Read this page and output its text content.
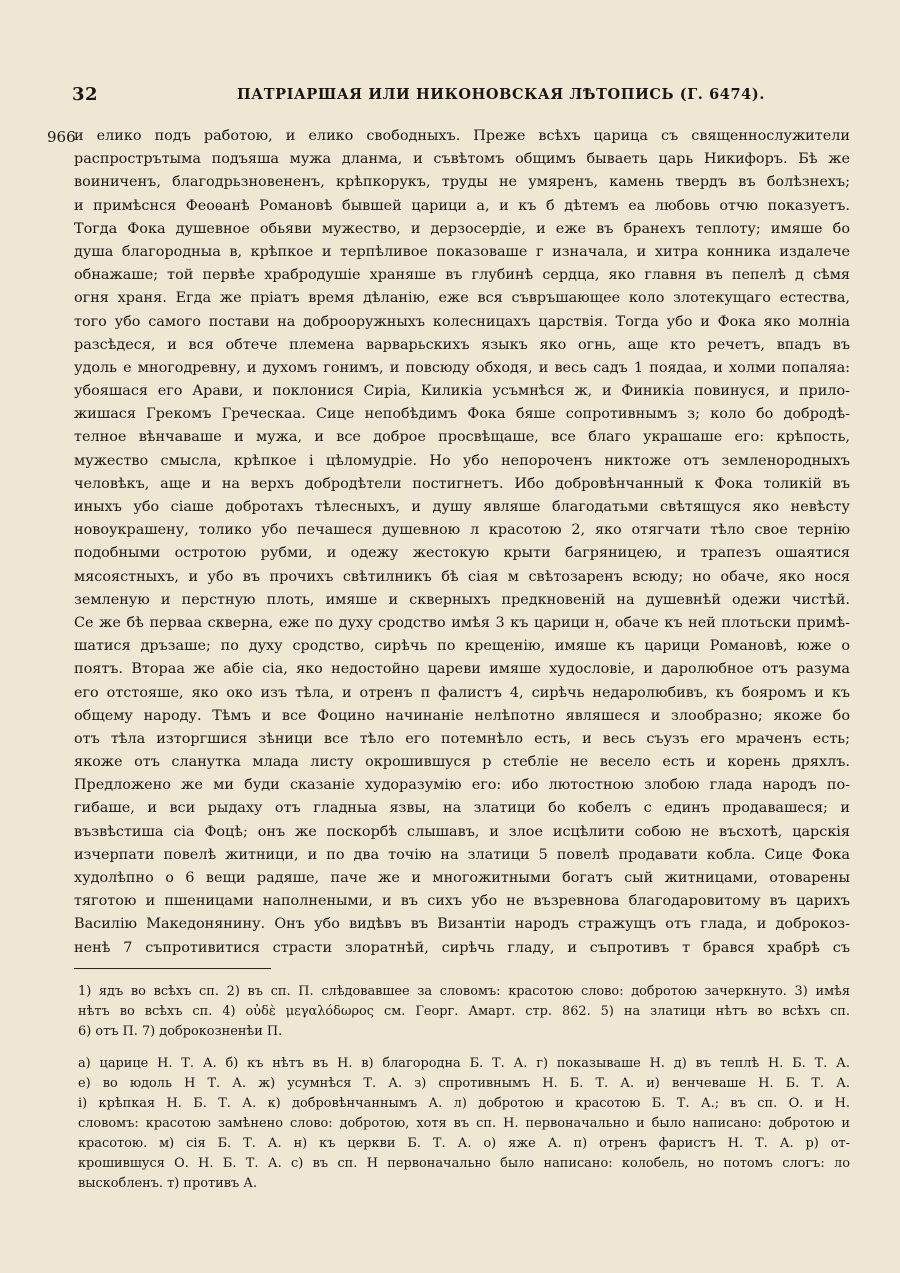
32	ПАТРІАРШАЯ ИЛИ НИКОНОВСКАЯ ЛѢТОПИСЬ (Г. 6474).
966
и елико подъ работою, и елико свободныхъ. Преже всѣхъ царица съ священнослужители
распрострътыма подъяша мужа дланма, и съвѣтомъ общимъ бываеть царь Никифоръ. Бѣ же
воиниченъ, благодрьзновененъ, крѣпкорукъ, труды не умяренъ, камень твердъ въ болѣзнехъ;
и примѣснся Феоѳанѣ Романовѣ бывшей царици а, и къ б дѣтемъ еа любовь отчю показуетъ.
Тогда Фока душевное обьяви мужество, и дерзосердіе, и еже въ бранехъ теплоту; имяше бо
душа благородныа в, крѣпкое и терпѣливое показоваше г изначала, и хитра конника издалече
обнажаше; той первѣе храбродушіе храняше въ глубинѣ сердца, яко главня въ пепелѣ д сѣмя
огня храня. Егда же пріатъ время дѣланію, еже вся съвръшающее коло злотекущаго естества,
того убо самого постави на доброоружныхъ колесницахъ царствія. Тогда убо и Фока яко молніа
разсѣдеся, и вся обтече племена варварьскихъ языкъ яко огнь, аще кто речетъ, впадъ въ
удоль е многодревну, и духомъ гонимъ, и повсюду обходя, и весь садъ 1 поядаа, и холми попаляа:
убояшася его Арави, и поклонися Сиріа, Киликіа усъмнѣся ж, и Финикіа повинуся, и прило-
жишася Грекомъ Греческаа. Сице непобѣдимъ Фока бяше сопротивнымъ з; коло бо добродѣ-
телное вѣнчаваше и мужа, и все доброе просвѣщаше, все благо украшаше его: крѣпость,
мужество смысла, крѣпкое і цѣломудріе. Но убо непороченъ никтоже отъ земленородныхъ
человѣкъ, аще и на верхъ добродѣтели постигнетъ. Ибо добровѣнчанный к Фока толикій въ
иныхъ убо сіаше добротахъ тѣлесныхъ, и душу являше благодатьми свѣтящуся яко невѣсту
новоукрашену, толико убо печашеся душевною л красотою 2, яко отягчати тѣло свое тернію
подобными остротою рубми, и одежу жестокую крыти багряницею, и трапезъ ошаятися
мясоястныхъ, и убо въ прочихъ свѣтилникъ бѣ сіая м свѣтозаренъ всюду; но обаче, яко нося
земленую и перстную плоть, имяше и скверныхъ предкновеній на душевнѣй одежи чистѣй.
Се же бѣ перваа скверна, еже по духу сродство имѣя 3 къ царици н, обаче къ ней плотьски примѣ-
шатися дръзаше; по духу сродство, сирѣчь по крещенію, имяше къ царици Романовѣ, юже о
поятъ. Втораа же абіе сіа, яко недостойно цареви имяше худословіе, и даролюбное отъ разума
его отстояше, яко око изъ тѣла, и отренъ п фалистъ 4, сирѣчь недаролюбивъ, къ бояромъ и къ
общему народу. Тѣмъ и все Фоцино начинаніе нелѣпотно являшеся и злообразно; якоже бо
отъ тѣла изторгшися зѣници все тѣло его потемнѣло есть, и весь съузъ его мраченъ есть;
якоже отъ сланутка млада листу окрошившуся р стебліе не весело есть и корень дряхлъ.
Предложено же ми буди сказаніе худоразумію его: ибо лютостною злобою глада народъ по-
гибаше, и вси рыдаху отъ гладныа язвы, на злaтици бо кобелъ с единъ продавашеся; и
възвѣстиша сіа Фоцѣ; онъ же поскорбѣ слышавъ, и злое исцѣлити собою не въсхотѣ, царскія
изчерпати повелѣ житници, и по два точію на злaтици 5 повелѣ продавати кобла. Сице Фока
худолѣпно о 6 вещи радяше, паче же и многожитными богатъ сый житницами, отоварены
тяготою и пшеницами наполнеными, и въ сихъ убо не възревнова благодаровитому въ царихъ
Василію Македонянину. Онъ убо видѣвъ въ Византіи народъ стражущъ отъ глада, и доброкоз-
ненѣ 7 съпротивитися страсти злоратнѣй, сирѣчь гладу, и съпротивъ т брався храбрѣ съ
1) ядъ во всѣхъ сп. 2) въ сп. П. слѣдовавшее за словомъ: красотою слово: добротою зачеркнуто. 3) имѣя
нѣтъ во всѣхъ сп. 4) οὐδὲ μεγαλόδωρος см. Георг. Амарт. стр. 862. 5) на злaтици нѣтъ во всѣхъ сп.
6) отъ П. 7) доброкозненѣи П.
а) царице Н. Т. А. б) къ нѣтъ въ Н. в) благородна Б. Т. А. г) показываше Н. д) въ теплѣ Н. Б. Т. А.
е) во юдоль Н Т. А. ж) усумнѣся Т. А. з) спротивнымъ Н. Б. Т. А. и) венчеваше Н. Б. Т. А.
і) крѣпкая Н. Б. Т. А. к) добровѣнчаннымъ А. л) добротою и красотою Б. Т. А.; въ сп. О. и Н.
словомъ: красотою замѣнено слово: добротою, хотя въ сп. Н. первоначально и было написано: добротою и
красотою. м) сія Б. Т. А. н) къ церкви Б. Т. А. о) яже А. п) отренъ фаристъ Н. Т. А. р) от-
крошившуся О. Н. Б. Т. А. с) въ сп. Н первоначально было написано: колобель, но потомъ слогъ: ло
выскобленъ. т) противъ А.
